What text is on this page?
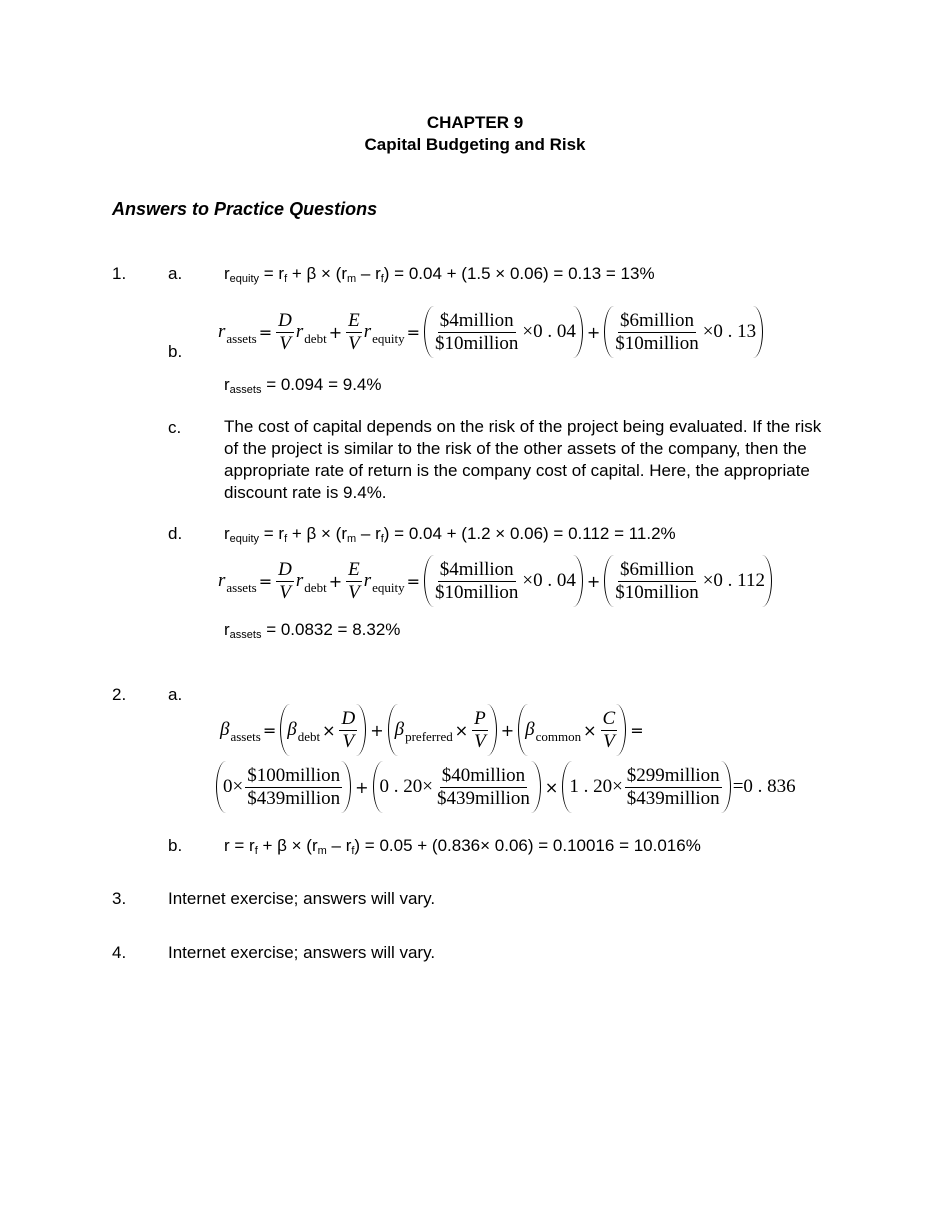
CHAPTER 9
Capital Budgeting and Risk
Answers to Practice Questions
1. a. $r_{equity} = r_f + \beta \times (r_m - r_f) = 0.04 + (1.5 \times 0.06) = 0.13 = 13\%$
b.
r assets = $\frac{D}{V}$ r debt + $\frac{E}{V}$ r equity = $\frac{\text{\$4million}}{\text{\$10million}} \times 0$ . $04 + \frac{\text{\$6million}}{\text{\$10million}} \times 0$ . 13
$r_{assets} = 0.094 = 9.4\%$
c.	The cost of capital depends on the risk of the project being evaluated. If the risk of the project is similar to the risk of the other assets of the company, then the appropriate rate of return is the company cost of capital. Here, the appropriate discount rate is 9.4%.
d. $r_{equity} = r_f + \beta \times (r_m - r_f) = 0.04 + (1.2 \times 0.06) = 0.112 = 11.2\%$
r assets = $\frac{D}{V}$ r debt + $\frac{E}{V}$ r equity = $\frac{\text{\$4million}}{\text{\$10million}} \times 0$ . $04 + \frac{\text{\$6million}}{\text{\$10million}} \times 0$ . 112
$r_{assets} = 0.0832 = 8.32\%$
2. a.
β assets = β debt × $\frac{D}{V} + \beta$ preferred × $\frac{P}{V} + \beta$ common × $\frac{C}{V}$ =
$0\times \frac{\text{\$100million}}{\text{\$439million}} + 0$ . $20\times \frac{\text{\$40million}}{\text{\$439million}} \times 1$ . $20\times \frac{\text{\$299million}}{\text{\$439million}} =0$ . 836
b. $r = r_f + \beta \times (r_m - r_f) = 0.05 + (0.836\times 0.06) = 0.10016 = 10.016\%$
3. Internet exercise; answers will vary.
4. Internet exercise; answers will vary.
